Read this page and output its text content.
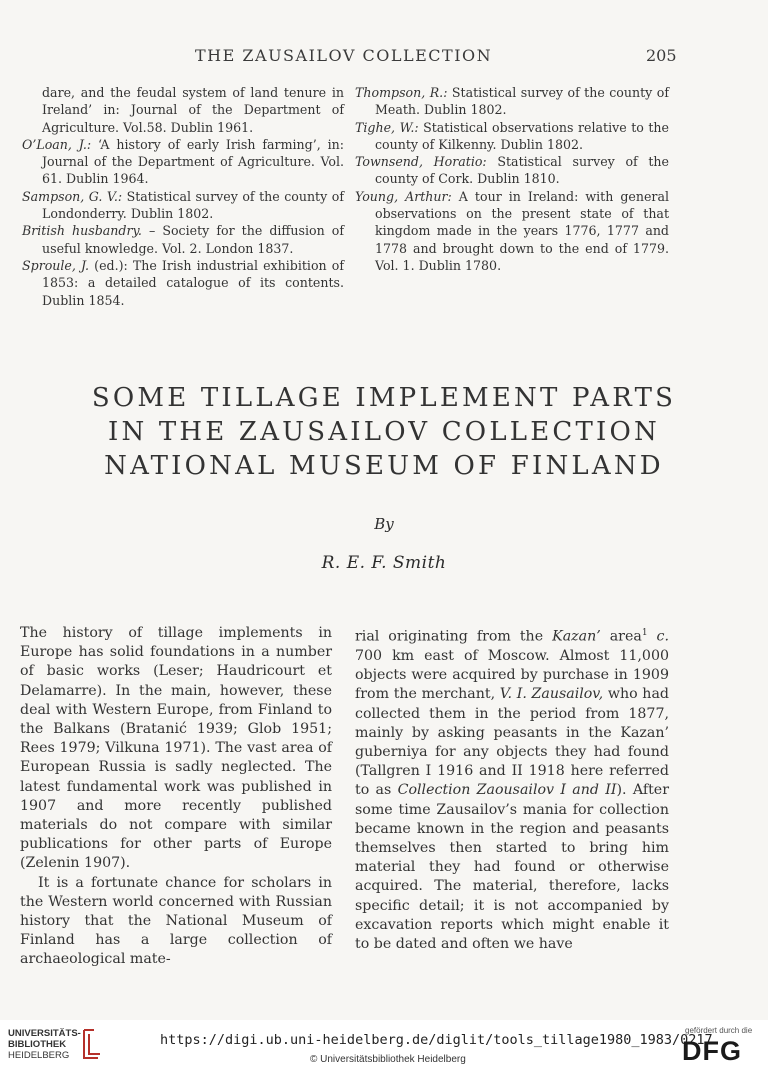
THE ZAUSAILOV COLLECTION	205

dare, and the feudal system of land tenure in Ireland’ in: Journal of the Department of Agriculture. Vol.58. Dublin 1961.

O’Loan, J.: ‘A history of early Irish farming’, in: Journal of the Department of Agriculture. Vol. 61. Dublin 1964.

Sampson, G. V.: Statistical survey of the county of Londonderry. Dublin 1802.

British husbandry. – Society for the diffusion of useful knowledge. Vol. 2. London 1837.

Sproule, J. (ed.): The Irish industrial exhibition of 1853: a detailed catalogue of its contents. Dublin 1854.

Thompson, R.: Statistical survey of the county of Meath. Dublin 1802.

Tighe, W.: Statistical observations relative to the county of Kilkenny. Dublin 1802.

Townsend, Horatio: Statistical survey of the county of Cork. Dublin 1810.

Young, Arthur: A tour in Ireland: with general observations on the present state of that kingdom made in the years 1776, 1777 and 1778 and brought down to the end of 1779. Vol. 1. Dublin 1780.

SOME TILLAGE IMPLEMENT PARTS
IN THE ZAUSAILOV COLLECTION
NATIONAL MUSEUM OF FINLAND
By
R. E. F. Smith

The history of tillage implements in Europe has solid foundations in a number of basic works (Leser; Haudricourt et Delamarre). In the main, however, these deal with Western Europe, from Finland to the Balkans (Bratanić 1939; Glob 1951; Rees 1979; Vilkuna 1971). The vast area of European Russia is sadly neglected. The latest fundamental work was published in 1907 and more recently published materials do not compare with similar publications for other parts of Europe (Zelenin 1907).

It is a fortunate chance for scholars in the Western world concerned with Russian history that the National Museum of Finland has a large collection of archaeological mate-

rial originating from the Kazan’ area$^1$ c. 700 km east of Moscow. Almost 11,000 objects were acquired by purchase in 1909 from the merchant, V. I. Zausailov, who had collected them in the period from 1877, mainly by asking peasants in the Kazan’ guberniya for any objects they had found (Tallgren I 1916 and II 1918 here referred to as Collection Zaousailov I and II). After some time Zausailov’s mania for collection became known in the region and peasants themselves then started to bring him material they had found or otherwise acquired. The material, therefore, lacks specific detail; it is not accompanied by excavation reports which might enable it to be dated and often we have

UNIVERSITÄTS-
BIBLIOTHEK
HEIDELBERG
https://digi.ub.uni-heidelberg.de/diglit/tools_tillage1980_1983/0217
© Universitätsbibliothek Heidelberg
gefördert durch die
DFG
